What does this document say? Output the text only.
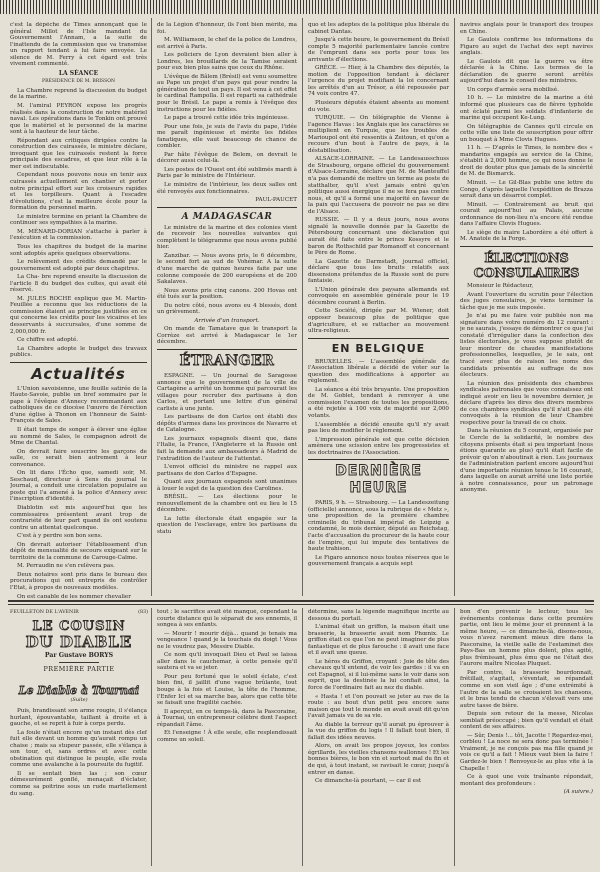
c'est la dépêche de Times annonçant que le général Millot de l'Isle mandant du Gouvernement l'Annam, a la suite de l'inattendu de la commission que va transmise un rapport tendant à lui faire envoyée. Le silence de M. Ferry à cet égard est très vivement commenté.

LA SÉANCE
PRÉSIDENCE DE M. BRISSON

La Chambre reprend la discussion du budget de la marine.

M. l'amiral PEYRON expose les progrès réalisés dans la construction de notre matériel naval. Les opérations dans le Tonkin ont prouvé que le matériel et le personnel de la marine sont à la hauteur de leur tâche.

Répondant aux critiques dirigées contre la construction des cuirassés, le ministre déclare, invoquant que les cuirassés restent la force principale des escadres, et que leur rôle à la mer est indiscutable.

Cependant nous pouvons nous en tenir aux cuirassés actuellement en chantier et porter notre principal effort sur les croiseurs rapides et les torpilleurs. Quant à l'escadre d'évolutions, c'est la meilleure école pour la formation du personnel marin.

Le ministre termine en priant la Chambre de continuer ses sympathies à la marine.

M. MÉNARD-DORIAN s'attache à parler à l'exécution et la commission.

Tous les chapitres du budget de la marine sont adoptés après quelques observations.

Le relèvement des crédits demandé par le gouvernement est adopté par deux chapitres.

La Cha- bre reprend ensuite la discussion de l'article 8 du budget des cultes, qui avait été réservé.

M. JULES ROCHE explique que M. Martin-Feuillée a reconnu que les réductions de la commission étaient au principe justifiées en ce qui concerne les crédits pour les vicaires et les desservants à succursales, d'une somme de 2,000,000 fr.

Ce chiffre est adopté.

La Chambre adopte le budget des travaux publics.

Actualités

L'Union savoisienne, une feuille satirée de la Haute-Savoie, publie un bref sommaire par le pape à l'évêque d'Annecy recommandant aux catholiques de ce diocèse l'œuvre de l'érection d'une église à Thonon en l'honneur de Saint-François de Sales.

Il était temps de songer à élever une église au nommé de Sales, le compagnon adroit de Mme de Chantal.

On devrait faire souscrire les garçons de salle, ce serait bien autrement à leur convenance.

On lit dans l'Écho que, samedi soir, M. Seschaud, directeur à Sens du journal le Journal, a conduit une circulation populaire au poste qui l'a amené à la police d'Annecy avec l'inscription d'identité.

Diablotin est mis aujourd'hui que les commissaires présentent avant trop de contrariété de leur part quand ils ont soutenu contre un attentat quelconque.

C'est à y perdre son bon sens.

On devrait autoriser l'établissement d'un dépôt de mensualité de secours exigeant sur le territoire de la commune de Carouge-Calme.

M. Perraudin ne s'en relèvera pas.

Deux notaires sont pris dans le bureau des procurations qui ont entrepris de contrôler l'Etat, à propos de nouveaux modèles.

On est capable de les nommer chevalier

de la Légion d'honneur, ils l'ont bien mérité, ma foi.

M. Williamson, le chef de la police de Londres, est arrivé à Paris.

Les policiers de Lyon devraient bien aller à Londres, les brouillards de la Tamise seraient pour eux bien plus sains que ceux du Rhône.

L'évêque de Bâlem (Brésil) est venu soumettre au Pape un projet d'un pays qui pour rendre la génération de tout un pays. Il est venu à cet effet le cardinal Rampolla. Il est reparti sa cathédrale pour le Brésil. Le pape a remis à l'évêque des instructions pour les fidèles.

Le pape a trouvé cette idée très ingénieuse.

Pour une fois, je suis de l'avis du pape, l'idée me paraît ingénieuse et mérite les fidèles fanatiques, elle vaut beaucoup de chance de combler.

Par hâte l'évêque de Belem, on devrait le décorer aussi celui-là.

Les postes de l'Ouest ont été sublimés mardi à Paris par le ministre de l'Intérieur.

Le ministre de l'intérieur, les deux salles ont été renvoyés aux fonctionnaires.

PAUL-PAUCET

A MADAGASCAR

Le ministre de la marine et des colonies vient de recevoir les nouvelles suivantes qui complètent le télégramme que nous avons publié hier.

Zanzibar. — Nous avons pris, le 6 décembre, le second fort au sud de Vohémar. A la suite d'une marche de quinze heures faite par une colonne composée de 200 européens et de 200 Sakalaves.

Nous avons pris cinq canons. 200 Hovas ont été tués sur la position.

Du notre côté, nous avons eu 4 blessés, dont un grièvement.

Arrivée d'un transport.

On mande de Tamatave que le transport la Corrèze est arrivé à Madagascar le 1er décembre.

ÉTRANGER

ESPAGNE. — Un journal de Saragosse annonce que le gouvernement de la ville de Cartagène a arrêté un homme qui parcourait les villages pour recruter des partisans à don Carlos, et portant une lettre d'un général carliste à une junte.

Les partisans de don Carlos ont établi des dépôts d'armes dans les provinces de Navarre et de Catalogne.

Les journaux espagnols disent que, dans l'Italie, la France, l'Angleterre et la Russie ont fait la demande aux ambassadeurs à Madrid de l'extradition de l'auteur de l'attentat.

L'envoi officiel du ministre ne rappel aux partisans de don Carlos d'Espagne.

Quant aux journaux espagnols sont unanimes à louer le sujet de la question des Carolines.

BRÉSIL. — Les élections pour le renouvellement de la chambre ont eu lieu le 15 décembre.

La lutte électorale était engagée sur la question de l'esclavage, entre les partisans du statu

quo et les adeptes de la politique plus libérale du cabinet Dantas.

Jusqu'à cette heure, le gouvernement du Brésil compte 5 majorité parlementaire lancée contre de l'emprunt dans ses ports pour tous les arrivants d'élections.

GRÈCE. — Hier, à la Chambre des députés, la motion de l'opposition tendant à déclarer l'urgence du projet modifiant la loi concernant les arrêtés d'un au Trésor, a été repoussée par 74 voix contre 47.

Plusieurs députés étaient absents au moment du vote.

TURQUIE. — On télégraphie de Vienne à l'agence Havas : les Anglais que les caractères se multiplient en Turquie, que les troubles de Marioupol ont été ressentis à Zeitoun, et qu'on a recours d'un bout à l'autre de pays, à la déstabilisation.

ALSACE-LORRAINE. — Le Landesausschuss de Strasbourg, organe officiel du gouvernement d'Alsace-Lorraine, déclare que M. de Manteuffel n'a pas demandé de mettre un terme au poste de statthalter, qu'il s'est jamais entré qu'en politique aussi énergique il ne se fera pas contre nous, et qu'il a formé une majorité en faveur de la paix qui l'accusera de pouvoir ne pas se dire de l'Alsace.

RUSSIE. — Il y a deux jours, nous avons signalé la nouvelle donnée par la Gazette de Pétersbourg concernant une déclaration qui aurait été faite entre le prince Kossyre et le baron de Rothschild par Romanoff et concernant le Père de Rome.

La Gazette de Darmstadt, journal officiel, déclare que tous les bruits relatifs aux dissensions prétendus de la Russie sont de pure fantaisie.

L'Union générale des paysans allemands est convoquée en assemblée générale pour le 19 décembre courant à Berlin.

Cette Société, dirigée par M. Wiener, doit opposer beaucoup plus de politique que d'agriculture, et se rattacher au mouvement ultra-religieux.

EN BELGIQUE

BRUXELLES. — L'assemblée générale de l'Association libérale a décidé de voter sur la question des modifications à apporter au règlement.

La séance a été très bruyante. Une proposition de M. Goblet, tendant à renvoyer à une commission l'examen de toutes les propositions, a été rejetée à 100 voix de majorité sur 2,000 votants.

L'assemblée a décidé ensuite qu'il n'y avait pas lieu de modifier le règlement.

L'impression générale est que cette décision amènera une scission entre les progressistes et les doctrinaires de l'Association.

DERNIÈRE HEURE

PARIS, 9 h. — Strasbourg. — La Landeszeitung (officielle) annonce, sous la rubrique de « Metz », une proposition de la première chambre criminelle du tribunal impérial de Leipzig a condamné, le mois dernier, député au Reichstag, l'acte d'accusation du procureur de la haute cour de l'empire, qui lui impute des tentatives de haute trahison.

Le Figaro annonce nous toutes réserves que le gouvernement français a acquis sept

navires anglais pour le transport des troupes en Chine.

Le Gaulois confirme les informations du Figaro au sujet de l'achat des sept navires anglais.

Le Gaulois dit que la guerre va être déclarée à la Chine. Les termes de la déclaration de guerre seront arrêtés aujourd'hui dans le conseil des ministres.

Un corps d'armée sera mobilisé.

10 h. — Le ministre de la marine a été informé que plusieurs cas de fièvre typhoïde ont éclaté parmi les soldats d'infanterie de marine qui occupent Ke-Lung.

On télégraphie de Cannes qu'il circule en cette ville une liste de souscription pour offrir un bouquet à Mme Clovis Hugues.

11 h. — D'après le Times, le nombre des « mandarins engagés au service de la Chine, s'établit à 2,000 homme, ce qui nous donne le droit de douter plus que jamais de la sincérité de M. de Bismarck.

Minuit. — Le Gil-Blas publie une lettre du Congo, d'après laquelle l'expédition de Brazza serait dans un désarroi complet.

Minuit. — Contrairement au bruit qui courait aujourd'hui au Palais, aucune ordonnance de non-lieu n'a encore été rendue dans l'affaire Clovis Hugues.

Le siège du maire Labordère a été offert à M. Anatole de la Forge.

ÉLECTIONS CONSULAIRES

Monsieur le Rédacteur,

Avant l'ouverture du scrutin pour l'élection des juges consulaires, je viens terminer la tâche que je me suis imposée.

Je n'ai pu me faire voir publiée non ma signature dans votre numéro du 12 courant : je ne saurais, j'essaye de démontrer ce que j'ai constaté d'irrégulier dans la confection des listes électorales, je vous suppose plutôt de leur montrer de chaudes manifestations professionnelles, lesquelles, je le sais, ont tracé avec plus de raison les noms des candidats présentés au suffrage de nos électeurs.

La réunion des présidents des chambres syndicales patronales que vous connaissez ont indiqué avoir en lieu le novembre dernier, je déclare d'après les dires des divers membres de ces chambres syndicales qu'il n'ait pas été convoqués à la réunion de leur Chambre respective pour la travail de ce choix.

Dans la réunion du 5 courant, organisée par le Cercle de la solidarité, le nombre des citoyens présents était si peu important (nous étions quarante au plus) qu'il était facile de prévoir qu'on n'aboutirait à rien. Les journaux de l'administration parlent encore aujourd'hui d'une importante réunion tenue le 16 courant, dans laquelle on aurait arrêté une liste portée à notre connaissance, pour un patronage anonyme.

FEUILLETON DE L'AVENIR	(83)
LE COUSIN
DU DIABLE
Par Gustave BORYS
PREMIÈRE PARTIE
Le Diable à Tournai
(Suite)

Puis, brandissant son arme rougie, il s'élança hurlant, épouvantable, taillant à droite et à gauche, et se reprit à fuir à corps perdu.

La foule n'était encore qu'un instant dès clef fuit elle devant un homme qu'aurait rompu un chaise ; mais sa stupeur passée, elle s'élança à son tour, et, sans ordres et avec cette obstination qui distingue le peuple, elle roula comme une avalanche à la poursuite du fugitif.

Il se sentait bien las ; son cœur démesurément gonflé, menaçait d'éclater, comme sa poitrine sous un rude martellement du sang.

tout ; le sacrifice avait été manqué, cependant la courte distance qui le séparait de ses ennemis, il songea à ses enfants.

— Mourir ! mourir déjà... quand je tenais ma vengeance ! quand je la touchais du doigt ! Vous ne le voudrez pas, Messire Diable.

Ce nom qu'il invoquait Dieu et Paul se laissa aller dans le cauchemar, à cette pensée qu'il sautera et va se jeter.

Pour peu fortuné que le soleil éclate, c'est bien fini, il jaillit d'une vague brûlante, tout bouge à la fois et Louise, la tête de l'homme, l'Enfer Ici et sa marche bas, alors que cette tête se faisait une fragilité cachée.

Il aperçut, en ce temps-là, dans la Pascoraine, à Tournai, un entrepreneur célèbre dont l'aspect répandait l'âme.

Et l'enseigne ! À elle seule, elle resplendissait comme un soleil.

détermine, sans la légende magnifique incrite au dessous du portail.

L'animal était un griffon, la maison était une brasserie, la brasserie avait nom Phœnix. Le griffon était ce que l'on ne peut imaginer de plus fantastique et de plus farouche : il avait une face et il avait une queue.

Le héros du Griffon, croyant : Joie de tête des chevaux qu'il entend, de voir les gardes : il va en cet Espagnol, si il lui-même sans le voir dans son esprit, que la destinée la lui confiait ainsi, la force de l'ordinaire fait au nez du diable.

« Hasta ! et l'on pouvait se jeter au ras de la route : au bout d'un petit peu encore sans maison que tout le monde en avait avait dit qu'on l'avait jamais vu de sa vie.

Au diable la terreur qu'il aurait pu éprouver à la vue du griffon du logis ! Il fallait tout bien, il fallait des idées neuves.

Alors, on avait les propos joyeux, les contes égrillards, les vieilles chansons wallonnes ! Et les bonnes bières, le bon vin et surtout mal du fin et de qui, à tout instant, se ravisait le cœur, jusqu'à entrer en danse.

Ce dimanche-là pourtant, — car il est

bon d'en prévenir le lecteur, tous les événements contenus dans cette première partie, ont lieu le même jour et prennent à la même heure, — ce dimanche-là, disons-nous, vous n'avez rarement mieux dire dans la Pascoraine, la vieille salle de l'estaminet des Pays-Bas un homme plus dolent, plus agité, plus frémissant, plus ému que ne l'était des l'aurore maître Nicolas Pluquet.

Par contre, la brasserie bourdonnait, frétillait, s'agitait, s'éventait, se répandait comme en son vieil âge ; d'une extrémité à l'autre de la salle se croisaient les chansons, et le bras tendu de chacun s'élevait vers une autre tasse de bière.

Depuis son retour de la messe, Nicolas semblait préoccupé ; bien qu'il vendait et était content de ses affaires.

— Sûr, Denis !... tôt, Jacotte ! Regardez-moi, corbleu ! La noce ne sera donc pas terminée ! Vraiment, je ne conçois pas ma fille quand je vois ce qu'il a fait ! Mieux vaut bien la faire ! Gardez-le bien ! Renvoyez-le au plus vite à la Chapelle !

Ce à quoi une voix traînante répondait, montant des profondeurs :

(A suivre.)
